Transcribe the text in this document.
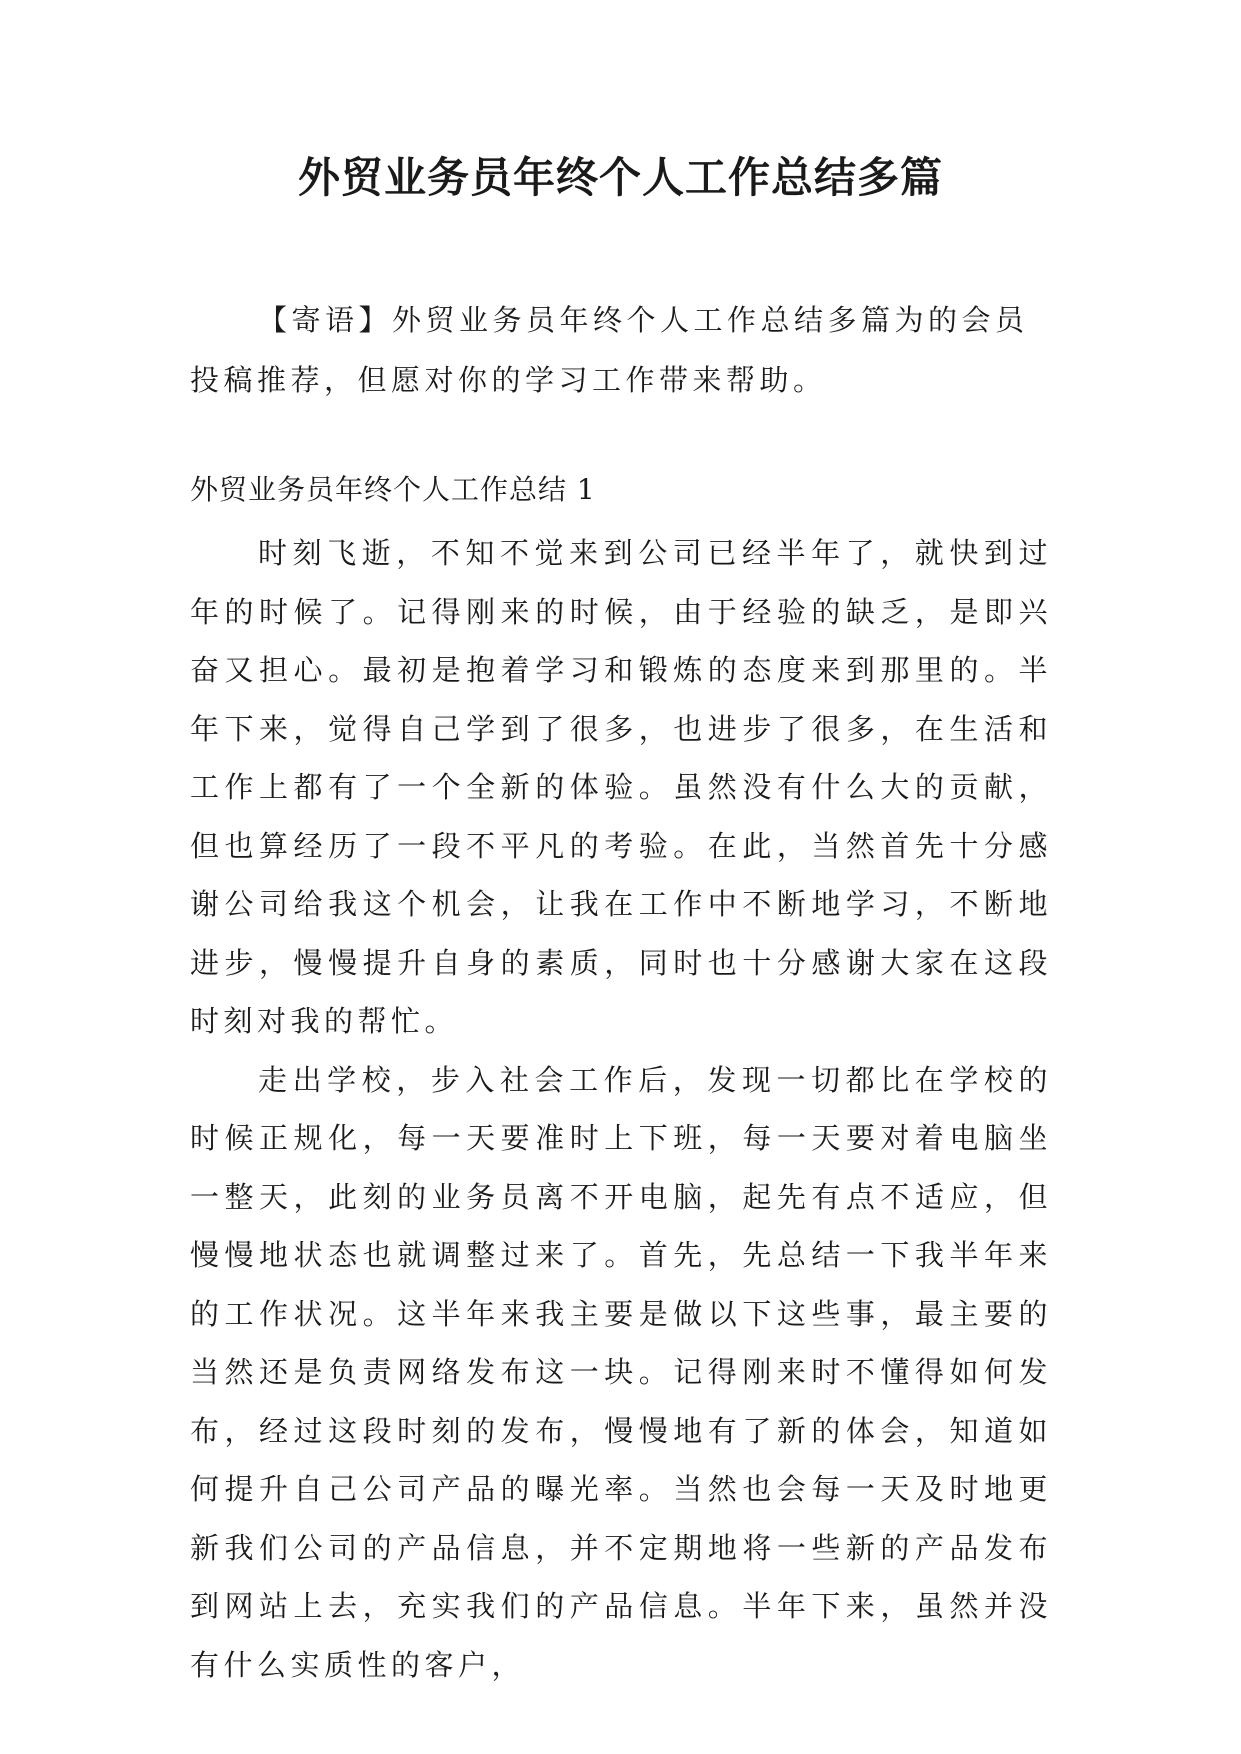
外贸业务员年终个人工作总结多篇

【寄语】外贸业务员年终个人工作总结多篇为的会员投稿推荐，但愿对你的学习工作带来帮助。

外贸业务员年终个人工作总结 1

时刻飞逝，不知不觉来到公司已经半年了，就快到过年的时候了。记得刚来的时候，由于经验的缺乏，是即兴奋又担心。最初是抱着学习和锻炼的态度来到那里的。半年下来，觉得自己学到了很多，也进步了很多，在生活和工作上都有了一个全新的体验。虽然没有什么大的贡献，但也算经历了一段不平凡的考验。在此，当然首先十分感谢公司给我这个机会，让我在工作中不断地学习，不断地进步，慢慢提升自身的素质，同时也十分感谢大家在这段时刻对我的帮忙。

走出学校，步入社会工作后，发现一切都比在学校的时候正规化，每一天要准时上下班，每一天要对着电脑坐一整天，此刻的业务员离不开电脑，起先有点不适应，但慢慢地状态也就调整过来了。首先，先总结一下我半年来的工作状况。这半年来我主要是做以下这些事，最主要的当然还是负责网络发布这一块。记得刚来时不懂得如何发布，经过这段时刻的发布，慢慢地有了新的体会，知道如何提升自己公司产品的曝光率。当然也会每一天及时地更新我们公司的产品信息，并不定期地将一些新的产品发布到网站上去，充实我们的产品信息。半年下来，虽然并没有什么实质性的客户，
